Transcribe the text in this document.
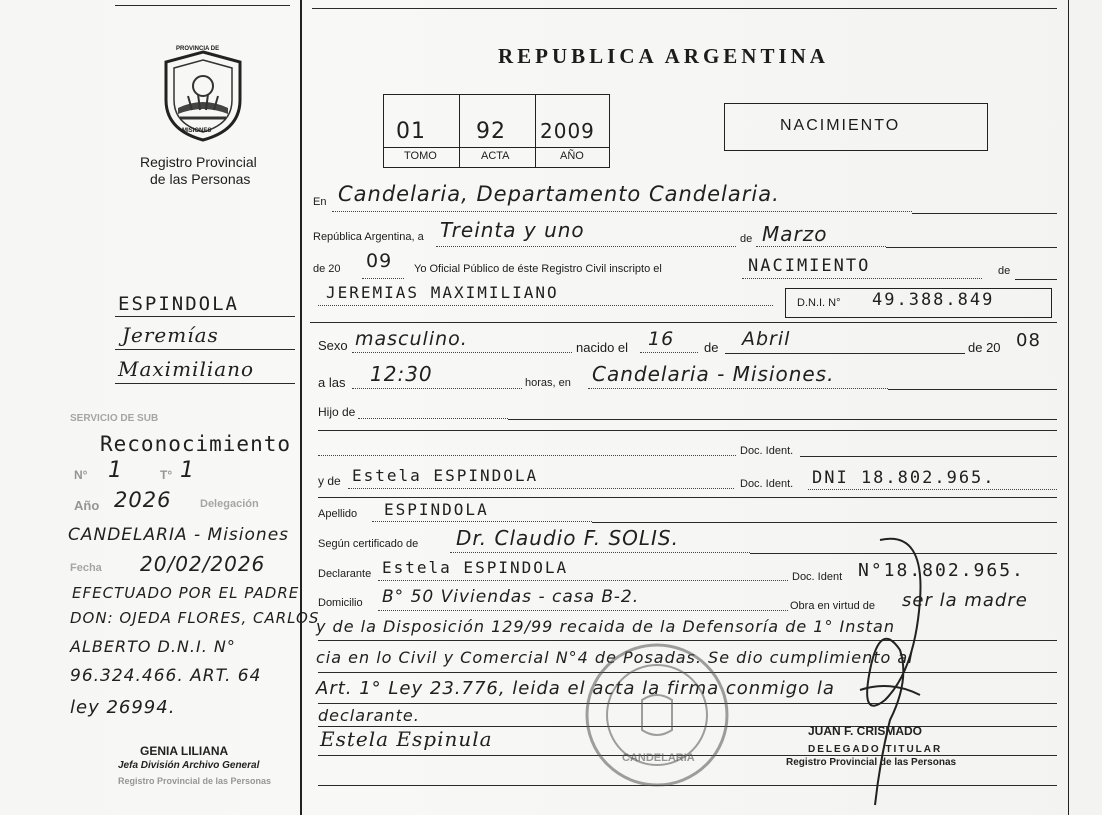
PROVINCIA DE
MISIONES
Registro Provincial
de las Personas
REPUBLICA ARGENTINA
01 92 2009
TOMO	ACTA	AÑO
NACIMIENTO
En Candelaria, Departamento Candelaria.
República Argentina, a Treinta y uno	de Marzo
de 20 09 Yo Oficial Público de éste Registro Civil inscripto el	NACIMIENTO	de
JEREMIAS MAXIMILIANO
D.N.I. N° 49.388.849
Sexo masculino.	nacido el 16 de Abril	de 20 08
a las 12:30	horas, en Candelaria - Misiones.
Hijo de
Doc. Ident.
y de Estela ESPINDOLA	Doc. Ident. DNI 18.802.965.
Apellido ESPINDOLA
Según certificado de Dr. Claudio F. SOLIS.
Declarante Estela ESPINDOLA	Doc. Ident N°18.802.965.
Domicilio B° 50 Viviendas - casa B-2.	Obra en virtud de ser la madre
y de la Disposición 129/99 recaida de la Defensoría de 1° Instan
cia en lo Civil y Comercial N°4 de Posadas. Se dio cumplimiento al
Art. 1° Ley 23.776, leida el acta la firma conmigo la
declarante.
Estela Espinula
CANDELARIA
JUAN F. CRISMADO
DELEGADO TITULAR
Registro Provincial de las Personas
ESPINDOLA
Jeremías
Maximiliano
SERVICIO DE SUB
Reconocimiento
N° 1	T° 1
Año 2026	Delegación
CANDELARIA - Misiones
Fecha 20/02/2026
EFECTUADO POR EL PADRE
DON: OJEDA FLORES, CARLOS
ALBERTO D.N.I. N°
96.324.466. ART. 64
ley 26994.
GENIA LILIANA
Jefa División Archivo General
Registro Provincial de las Personas
